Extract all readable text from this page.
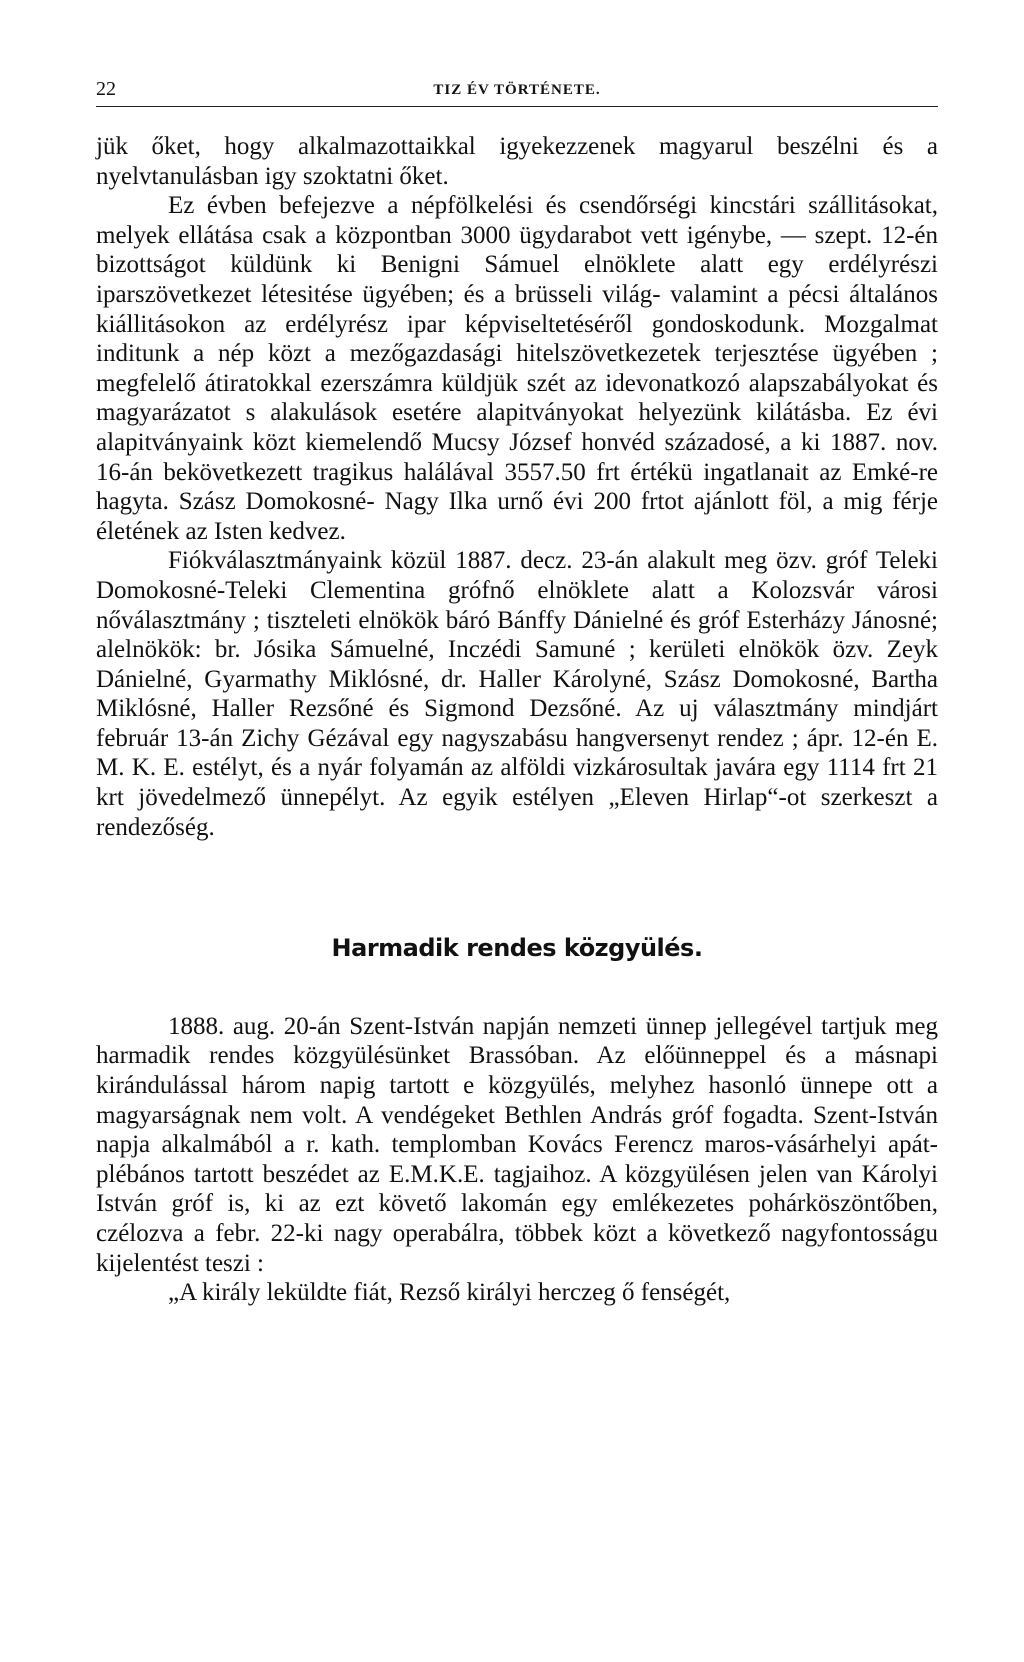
22	TIZ ÉV TÖRTÉNETE.

jük őket, hogy alkalmazottaikkal igyekezzenek magyarul beszélni és a nyelvtanulásban igy szoktatni őket.

Ez évben befejezve a népfölkelési és csendőrségi kincstári szállitásokat, melyek ellátása csak a központban 3000 ügydarabot vett igénybe, — szept. 12-én bizottságot küldünk ki Benigni Sámuel elnöklete alatt egy erdélyrészi iparszövetkezet létesitése ügyében; és a brüsseli világ- valamint a pécsi általános kiállitásokon az erdélyrész ipar képviseltetéséről gondoskodunk. Mozgalmat inditunk a nép közt a mezőgazdasági hitelszövetkezetek terjesztése ügyében ; megfelelő átiratokkal ezerszámra küldjük szét az idevonatkozó alapszabályokat és magyarázatot s alakulások esetére alapitványokat helyezünk kilátásba. Ez évi alapitványaink közt kiemelendő Mucsy József honvéd századosé, a ki 1887. nov. 16-án bekövetkezett tragikus halálával 3557.50 frt értékü ingatlanait az Emké-re hagyta. Szász Domokosné- Nagy Ilka urnő évi 200 frtot ajánlott föl, a mig férje életének az Isten kedvez.

Fiókválasztmányaink közül 1887. decz. 23-án alakult meg özv. gróf Teleki Domokosné-Teleki Clementina grófnő elnöklete alatt a Kolozsvár városi nőválasztmány ; tiszteleti elnökök báró Bánffy Dánielné és gróf Esterházy Jánosné; alelnökök: br. Jósika Sámuelné, Inczédi Samuné ; kerületi elnökök özv. Zeyk Dánielné, Gyarmathy Miklósné, dr. Haller Károlyné, Szász Domokosné, Bartha Miklósné, Haller Rezsőné és Sigmond Dezsőné. Az uj választmány mindjárt február 13-án Zichy Gézával egy nagyszabásu hangversenyt rendez ; ápr. 12-én E. M. K. E. estélyt, és a nyár folyamán az alföldi vizkárosultak javára egy 1114 frt 21 krt jövedelmező ünnepélyt. Az egyik estélyen „Eleven Hirlap“-ot szerkeszt a rendezőség.

Harmadik rendes közgyülés.

1888. aug. 20-án Szent-István napján nemzeti ünnep jellegével tartjuk meg harmadik rendes közgyülésünket Brassóban. Az előünneppel és a másnapi kirándulással három napig tartott e közgyülés, melyhez hasonló ünnepe ott a magyarságnak nem volt. A vendégeket Bethlen András gróf fogadta. Szent-István napja alkalmából a r. kath. templomban Kovács Ferencz maros-vásárhelyi apát-plébános tartott beszédet az E.M.K.E. tagjaihoz. A közgyülésen jelen van Károlyi István gróf is, ki az ezt követő lakomán egy emlékezetes pohárköszöntőben, czélozva a febr. 22-ki nagy operabálra, többek közt a következő nagyfontosságu kijelentést teszi :

„A király leküldte fiát, Rezső királyi herczeg ő fenségét,
